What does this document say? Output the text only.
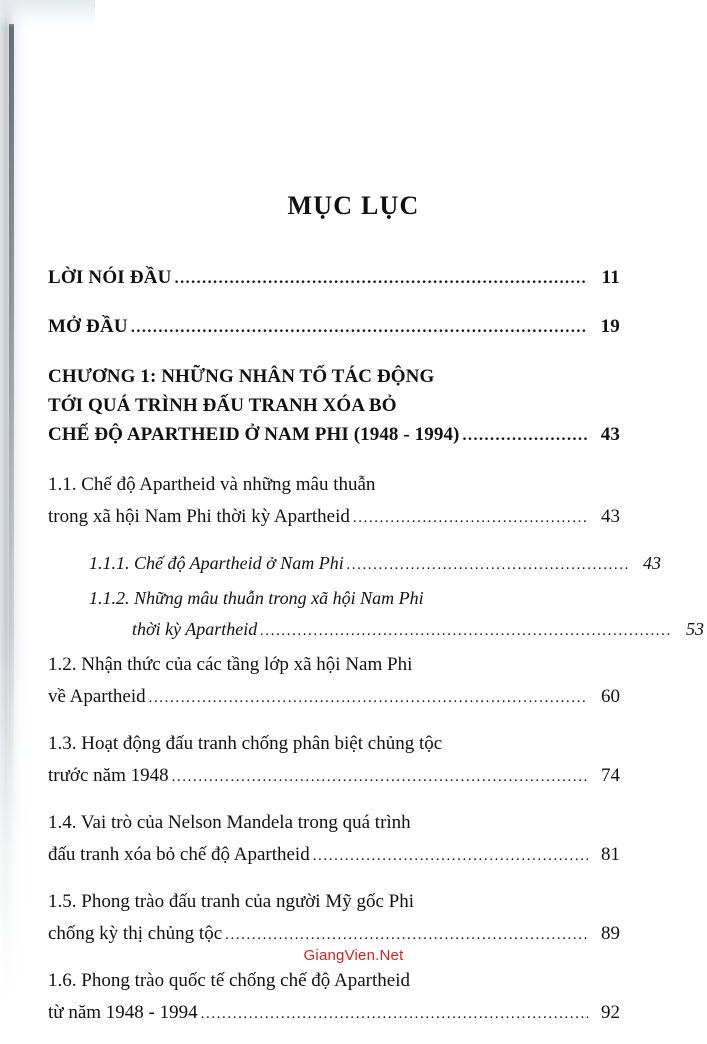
MỤC LỤC
LỜI NÓI ĐẦU .....	11
MỞ ĐẦU .....	19
CHƯƠNG 1: NHỮNG NHÂN TỐ TÁC ĐỘNG
TỚI QUÁ TRÌNH ĐẤU TRANH XÓA BỎ
CHẾ ĐỘ APARTHEID Ở NAM PHI (1948 - 1994) .....	43
1.1. Chế độ Apartheid và những mâu thuẫn
trong xã hội Nam Phi thời kỳ Apartheid .....	43
1.1.1. Chế độ Apartheid ở Nam Phi .....	43
1.1.2. Những mâu thuẫn trong xã hội Nam Phi
thời kỳ Apartheid .....	53
1.2. Nhận thức của các tầng lớp xã hội Nam Phi
về Apartheid .....	60
1.3. Hoạt động đấu tranh chống phân biệt chủng tộc
trước năm 1948 .....	74
1.4. Vai trò của Nelson Mandela trong quá trình
đấu tranh xóa bỏ chế độ Apartheid .....	81
1.5. Phong trào đấu tranh của người Mỹ gốc Phi
chống kỳ thị chủng tộc .....	89
1.6. Phong trào quốc tế chống chế độ Apartheid
từ năm 1948 - 1994 .....	92
GiangVien.Net
